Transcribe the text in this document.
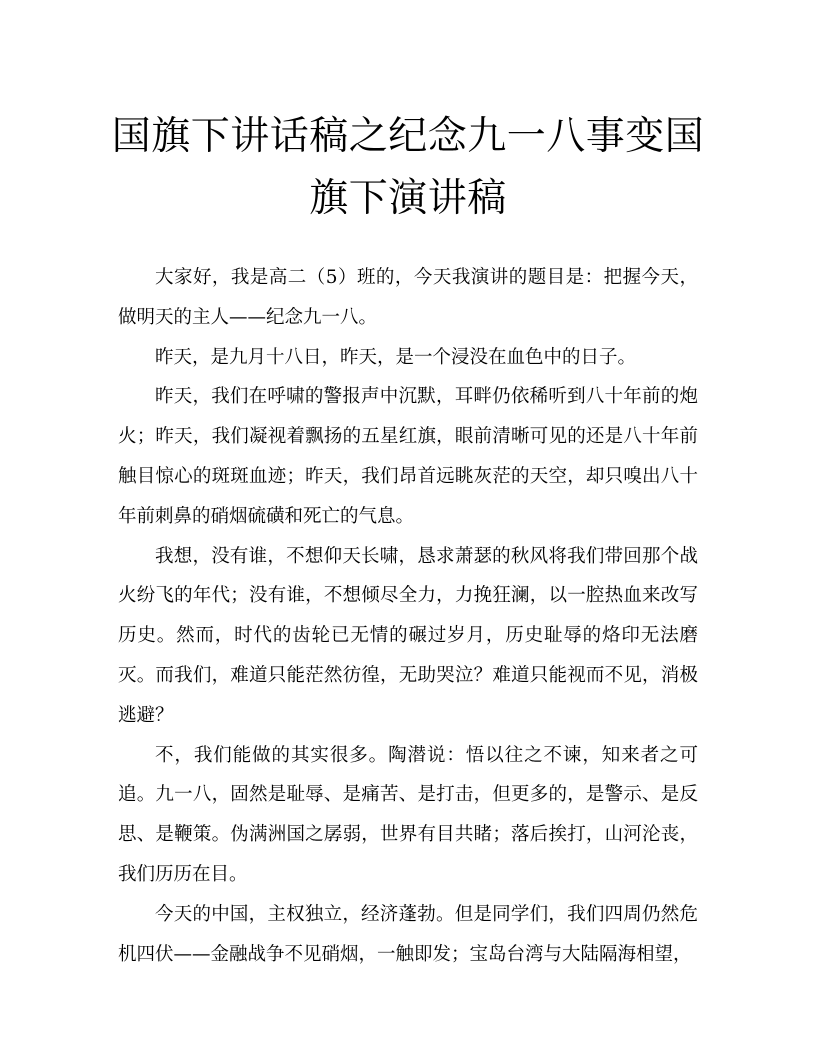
国旗下讲话稿之纪念九一八事变国旗下演讲稿

大家好，我是高二（5）班的，今天我演讲的题目是：把握今天，做明天的主人——纪念九一八。

昨天，是九月十八日，昨天，是一个浸没在血色中的日子。

昨天，我们在呼啸的警报声中沉默，耳畔仍依稀听到八十年前的炮火；昨天，我们凝视着飘扬的五星红旗，眼前清晰可见的还是八十年前触目惊心的斑斑血迹；昨天，我们昂首远眺灰茫的天空，却只嗅出八十年前刺鼻的硝烟硫磺和死亡的气息。

我想，没有谁，不想仰天长啸，恳求萧瑟的秋风将我们带回那个战火纷飞的年代；没有谁，不想倾尽全力，力挽狂澜，以一腔热血来改写历史。然而，时代的齿轮已无情的碾过岁月，历史耻辱的烙印无法磨灭。而我们，难道只能茫然彷徨，无助哭泣？难道只能视而不见，消极逃避？

不，我们能做的其实很多。陶潜说：悟以往之不谏，知来者之可追。九一八，固然是耻辱、是痛苦、是打击，但更多的，是警示、是反思、是鞭策。伪满洲国之孱弱，世界有目共睹；落后挨打，山河沦丧，我们历历在目。

今天的中国，主权独立，经济蓬勃。但是同学们，我们四周仍然危机四伏——金融战争不见硝烟，一触即发；宝岛台湾与大陆隔海相望，
